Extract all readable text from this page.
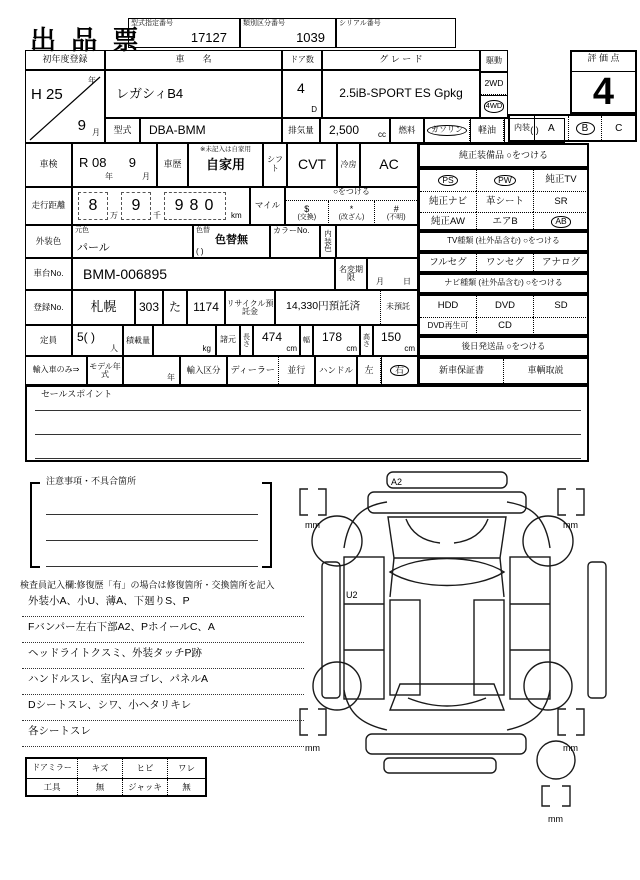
出 品 票
型式指定番号
17127
類別区分番号
1039
シリアル番号
評 価 点
4
内装	A	B	C
初年度登録
H 25
年
9 月
車　　名
レガシィB4
ドア数
4
D
グ レ ー ド
2.5iB-SPORT ES Gpkg
駆動
2WD
4WD
型式	DBA-BMM	排気量	2,500 cc	燃料	ガソリン	軽油	( )
車検	R 08
年
9
月
車歴
※未記入は自家用
自家用	シフト	CVT	冷房	AC
走行距離	8
万
9
千
980
km
マイル
○をつける
$
(交換)
*
(改ざん)
#
(不明)
外装色
元色
パール
色替
色替無
( )
カラーNo.	内装色
車台No.	BMM-006895	名変期限	月 日
登録No.	札幌	303 た	1174 リサイクル預託金	14,330円預託済	未預託
定員	5( )
人
積載量
kg
諸元	長さ 474
cm
幅 178
cm
高さ 150
cm
輸入車のみ⇒	モデル年式	年
輸入区分	ディーラー	並行	ハンドル	左	右
セールスポイント
純正装備品 ○をつける
PS	PW	純正TV
純正ナビ	革シート	SR
純正AW	エアB	AB
TV種類 (社外品含む) ○をつける
フルセグ	ワンセグ	アナログ
ナビ種類 (社外品含む) ○をつける
HDD	DVD	SD
DVD再生可	CD
後日発送品 ○をつける
新車保証書	車輌取説
注意事項・不具合箇所
検査員記入欄:修復歴「有」の場合は修復箇所・交換箇所を記入
外装小A、小U、薄A、下廻りS、P
Fバンパー左右下部A2、PホイールC、A
ヘッドライトクスミ、外装タッチP跡
ハンドルスレ、室内Aヨゴレ、パネルA
Dシートスレ、シワ、小ヘタリキレ
各シートスレ
ドアミラー	キズ	ヒビ	ワレ
工具	無	ジャッキ	無
A2
U2
mm	mm
mm	mm
mm
